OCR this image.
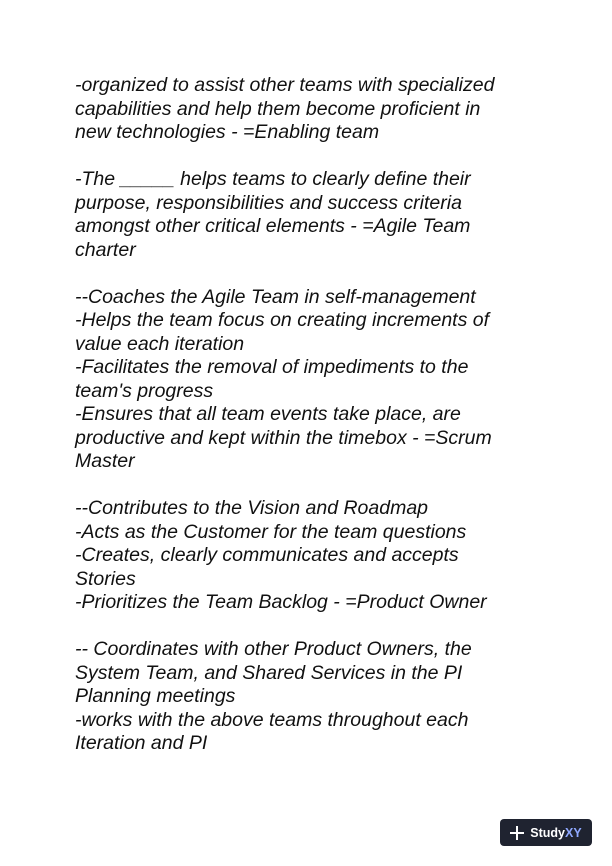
-organized to assist other teams with specialized
capabilities and help them become proficient in
new technologies - =Enabling team
-The _____ helps teams to clearly define their
purpose, responsibilities and success criteria
amongst other critical elements - =Agile Team
charter
--Coaches the Agile Team in self-management
-Helps the team focus on creating increments of
value each iteration
-Facilitates the removal of impediments to the
team's progress
-Ensures that all team events take place, are
productive and kept within the timebox - =Scrum
Master
--Contributes to the Vision and Roadmap
-Acts as the Customer for the team questions
-Creates, clearly communicates and accepts
Stories
-Prioritizes the Team Backlog - =Product Owner
-- Coordinates with other Product Owners, the
System Team, and Shared Services in the PI
Planning meetings
-works with the above teams throughout each
Iteration and PI
StudyXY
